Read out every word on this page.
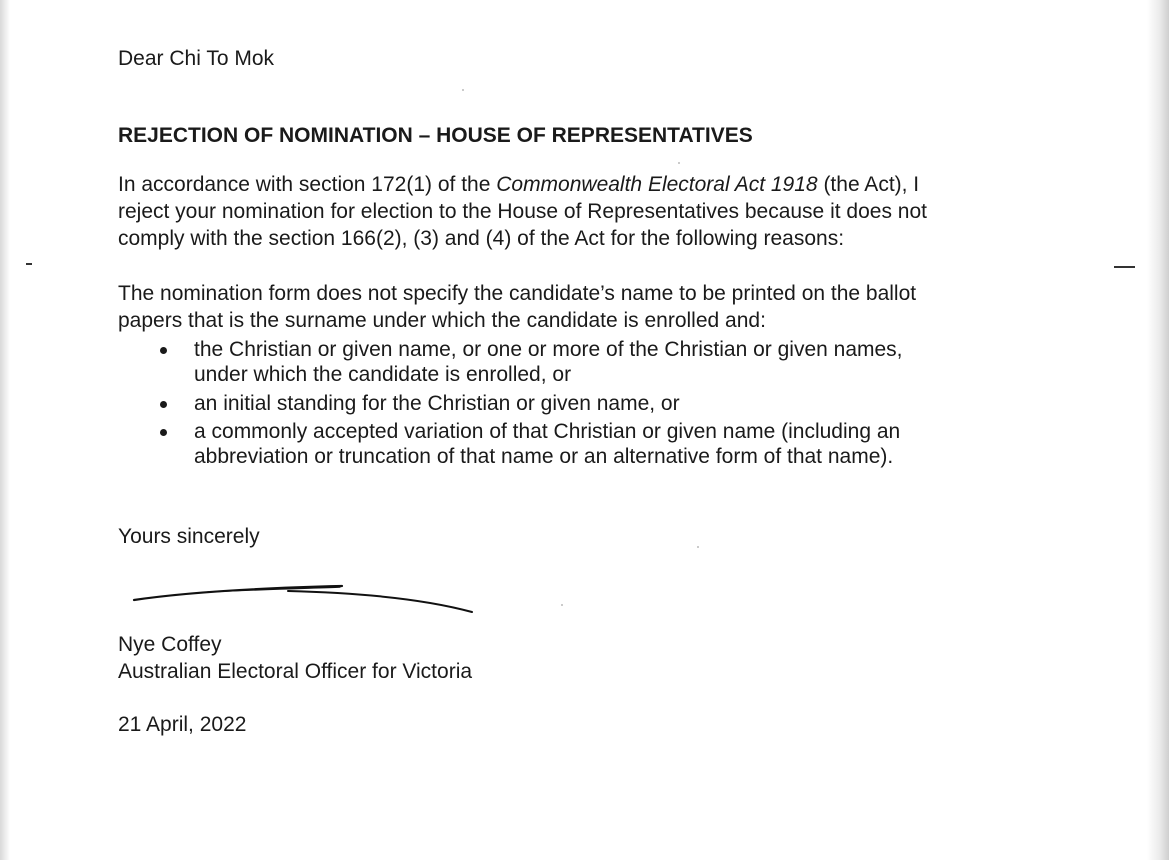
Dear Chi To Mok
REJECTION OF NOMINATION – HOUSE OF REPRESENTATIVES
In accordance with section 172(1) of the Commonwealth Electoral Act 1918 (the Act), I
reject your nomination for election to the House of Representatives because it does not
comply with the section 166(2), (3) and (4) of the Act for the following reasons:
The nomination form does not specify the candidate’s name to be printed on the ballot
papers that is the surname under which the candidate is enrolled and:
the Christian or given name, or one or more of the Christian or given names,
under which the candidate is enrolled, or
an initial standing for the Christian or given name, or
a commonly accepted variation of that Christian or given name (including an
abbreviation or truncation of that name or an alternative form of that name).
Yours sincerely
Nye Coffey
Australian Electoral Officer for Victoria
21 April, 2022
